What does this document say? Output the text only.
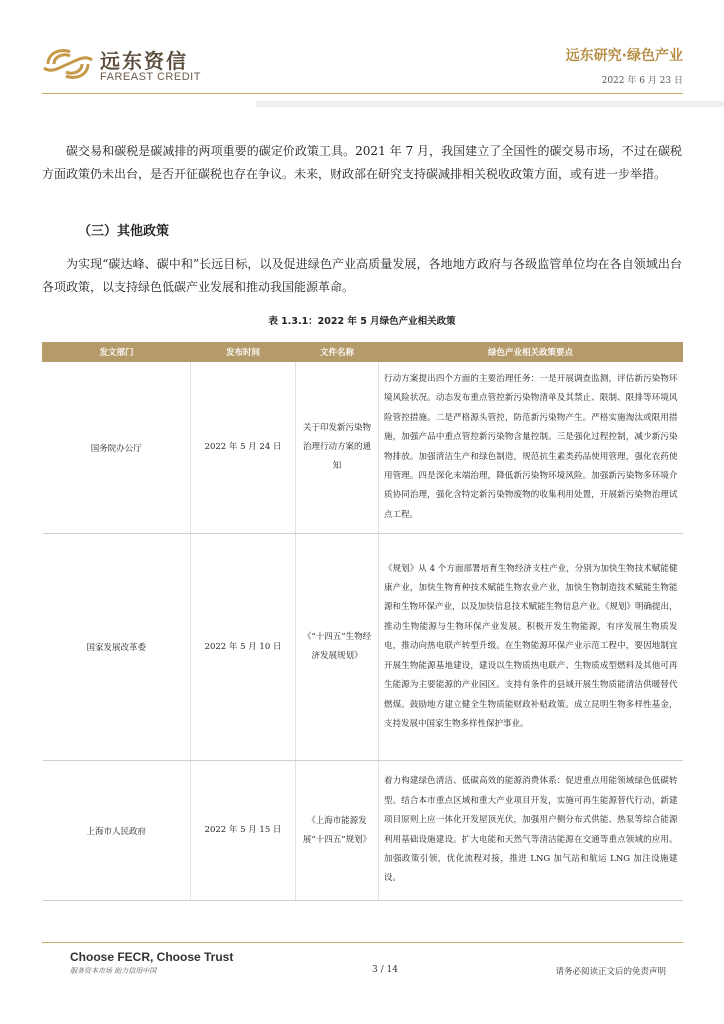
远东资信
FAREAST CREDIT
远东研究·绿色产业
2022 年 6 月 23 日

碳交易和碳税是碳减排的两项重要的碳定价政策工具。2021 年 7 月，我国建立了全国性的碳交易市场，不过在碳税方面政策仍未出台，是否开征碳税也存在争议。未来，财政部在研究支持碳减排相关税收政策方面，或有进一步举措。

（三）其他政策

为实现“碳达峰、碳中和”长远目标，以及促进绿色产业高质量发展，各地地方政府与各级监管单位均在各自领域出台各项政策，以支持绿色低碳产业发展和推动我国能源革命。

表 1.3.1：2022 年 5 月绿色产业相关政策
发文部门	发布时间	文件名称	绿色产业相关政策要点
国务院办公厅	2022 年 5 月 24 日	关于印发新污染物治理行动方案的通知	行动方案提出四个方面的主要治理任务：一是开展调查监测，评估新污染物环境风险状况。动态发布重点管控新污染物清单及其禁止、限制、限排等环境风险管控措施。二是严格源头管控，防范新污染物产生。严格实施淘汰或限用措施，加强产品中重点管控新污染物含量控制。三是强化过程控制，减少新污染物排放。加强清洁生产和绿色制造，规范抗生素类药品使用管理，强化农药使用管理。四是深化末端治理，降低新污染物环境风险。加强新污染物多环境介质协同治理，强化含特定新污染物废物的收集利用处置，开展新污染物治理试点工程。
国家发展改革委	2022 年 5 月 10 日	《“十四五”生物经济发展规划》	《规划》从 4 个方面部署培育生物经济支柱产业，分别为加快生物技术赋能健康产业，加快生物育种技术赋能生物农业产业，加快生物制造技术赋能生物能源和生物环保产业，以及加快信息技术赋能生物信息产业。《规划》明确提出，推动生物能源与生物环保产业发展。积极开发生物能源，有序发展生物质发电，推动向热电联产转型升级。在生物能源环保产业示范工程中，要因地制宜开展生物能源基地建设，建设以生物质热电联产、生物质成型燃料及其他可再生能源为主要能源的产业园区。支持有条件的县域开展生物质能清洁供暖替代燃煤。鼓励地方建立健全生物质能财政补贴政策。成立昆明生物多样性基金，支持发展中国家生物多样性保护事业。
上海市人民政府	2022 年 5 月 15 日	《上海市能源发展“十四五”规划》	着力构建绿色清洁、低碳高效的能源消费体系：促进重点用能领域绿色低碳转型。结合本市重点区域和重大产业项目开发，实施可再生能源替代行动，新建项目原则上应一体化开发屋顶光伏，加强用户侧分布式供能、热泵等综合能源利用基础设施建设。扩大电能和天然气等清洁能源在交通等重点领域的应用。加强政策引领，优化流程对接，推进 LNG 加气站和航运 LNG 加注设施建设。
Choose FECR, Choose Trust
服务资本市场 助力信用中国	3 / 14	请务必阅读正文后的免责声明
